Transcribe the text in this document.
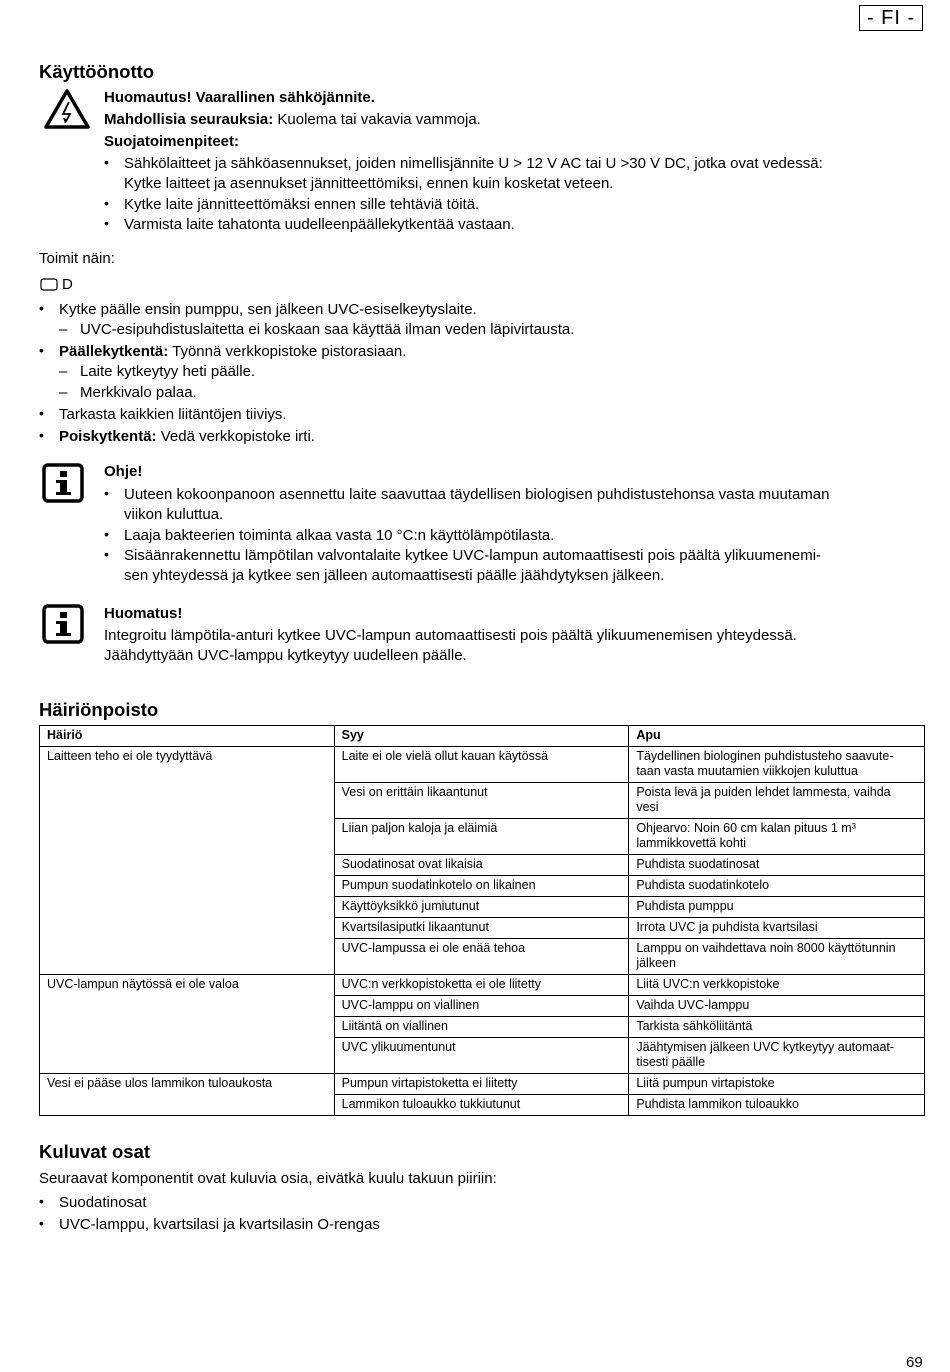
- FI -
Käyttöönotto
Huomautus! Vaarallinen sähköjännite.
Mahdollisia seurauksia: Kuolema tai vakavia vammoja.
Suojatoimenpiteet:
• Sähkölaitteet ja sähköasennukset, joiden nimellisjännite U > 12 V AC tai U >30 V DC, jotka ovat vedessä:
Kytke laitteet ja asennukset jännitteettömiksi, ennen kuin kosketat veteen.
• Kytke laite jännitteettömäksi ennen sille tehtäviä töitä.
• Varmista laite tahatonta uudelleenpäällekytkentää vastaan.
Toimit näin:
D
• Kytke päälle ensin pumppu, sen jälkeen UVC-esiselkeytyslaite.
– UVC-esipuhdistuslaitetta ei koskaan saa käyttää ilman veden läpivirtausta.
• Päällekytkentä: Työnnä verkkopistoke pistorasiaan.
– Laite kytkeytyy heti päälle.
– Merkkivalo palaa.
• Tarkasta kaikkien liitäntöjen tiiviys.
• Poiskytkentä: Vedä verkkopistoke irti.
Ohje!
• Uuteen kokoonpanoon asennettu laite saavuttaa täydellisen biologisen puhdistustehonsa vasta muutaman
viikon kuluttua.
• Laaja bakteerien toiminta alkaa vasta 10 °C:n käyttölämpötilasta.
• Sisäänrakennettu lämpötilan valvontalaite kytkee UVC-lampun automaattisesti pois päältä ylikuumenemi-
sen yhteydessä ja kytkee sen jälleen automaattisesti päälle jäähdytyksen jälkeen.
Huomatus!
Integroitu lämpötila-anturi kytkee UVC-lampun automaattisesti pois päältä ylikuumenemisen yhteydessä.
Jäähdyttyään UVC-lamppu kytkeytyy uudelleen päälle.
Häiriönpoisto
Häiriö	Syy	Apu
Laitteen teho ei ole tyydyttävä	Laite ei ole vielä ollut kauan käytössä	Täydellinen biologinen puhdistusteho saavute-
taan vasta muutamien viikkojen kuluttua
	Vesi on erittäin likaantunut	Poista levä ja puiden lehdet lammesta, vaihda
vesi
	Liian paljon kaloja ja eläimiä	Ohjearvo: Noin 60 cm kalan pituus 1 m³
lammikkovettä kohti
	Suodatinosat ovat likaisia	Puhdista suodatinosat
	Pumpun suodatinkotelo on likainen	Puhdista suodatinkotelo
	Käyttöyksikkö jumiutunut	Puhdista pumppu
	Kvartsilasiputki likaantunut	Irrota UVC ja puhdista kvartsilasi
	UVC-lampussa ei ole enää tehoa	Lamppu on vaihdettava noin 8000 käyttötunnin
jälkeen
UVC-lampun näytössä ei ole valoa	UVC:n verkkopistoketta ei ole liitetty	Liitä UVC:n verkkopistoke
	UVC-lamppu on viallinen	Vaihda UVC-lamppu
	Liitäntä on viallinen	Tarkista sähköliitäntä
	UVC ylikuumentunut	Jäähtymisen jälkeen UVC kytkeytyy automaat-
tisesti päälle
Vesi ei pääse ulos lammikon tuloaukosta	Pumpun virtapistoketta ei liitetty	Liitä pumpun virtapistoke
	Lammikon tuloaukko tukkiutunut	Puhdista lammikon tuloaukko
Kuluvat osat
Seuraavat komponentit ovat kuluvia osia, eivätkä kuulu takuun piiriin:
• Suodatinosat
• UVC-lamppu, kvartsilasi ja kvartsilasin O-rengas
69
